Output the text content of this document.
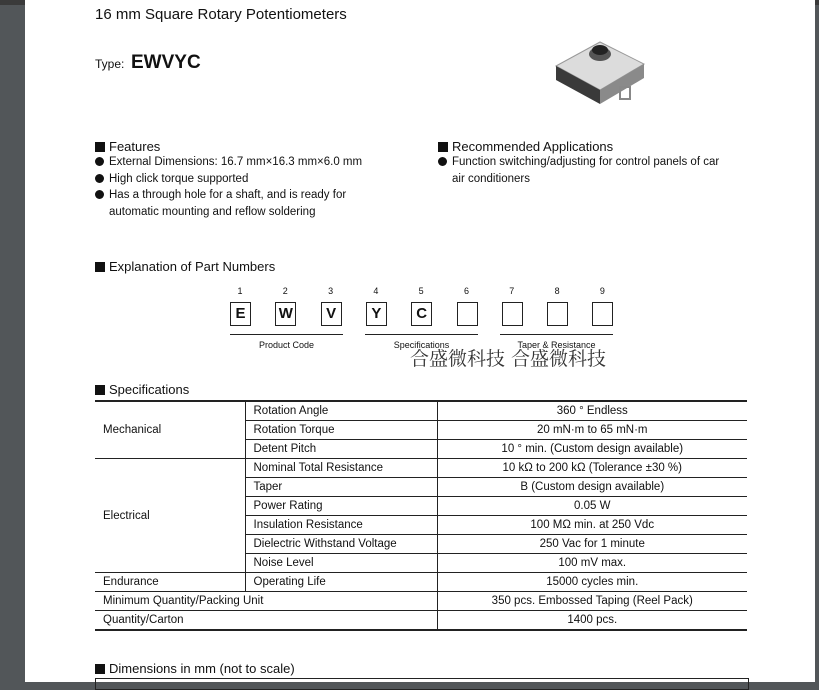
16 mm Square Rotary Potentiometers
Type: EWVYC
Features
External Dimensions: 16.7 mm×16.3 mm×6.0 mm
High click torque supported
Has a through hole for a shaft, and is ready for
automatic mounting and reflow soldering
Recommended Applications
Function switching/adjusting for control panels of car
air conditioners
Explanation of Part Numbers
1
E
2
W
3
V
4
Y
5
C
6	7	8	9
Product Code	Specifications	Taper & Resistance
合盛微科技 合盛微科技
Specifications
Mechanical	Rotation Angle	360 ° Endless
	Rotation Torque	20 mN·m to 65 mN·m
	Detent Pitch	10 ° min. (Custom design available)
Electrical	Nominal Total Resistance	10 kΩ to 200 kΩ (Tolerance ±30 %)
	Taper	B (Custom design available)
	Power Rating	0.05 W
	Insulation Resistance	100 MΩ min. at 250 Vdc
	Dielectric Withstand Voltage	250 Vac for 1 minute
	Noise Level	100 mV max.
Endurance	Operating Life	15000 cycles min.
Minimum Quantity/Packing Unit		350 pcs. Embossed Taping (Reel Pack)
Quantity/Carton		1400 pcs.
Dimensions in mm (not to scale)
